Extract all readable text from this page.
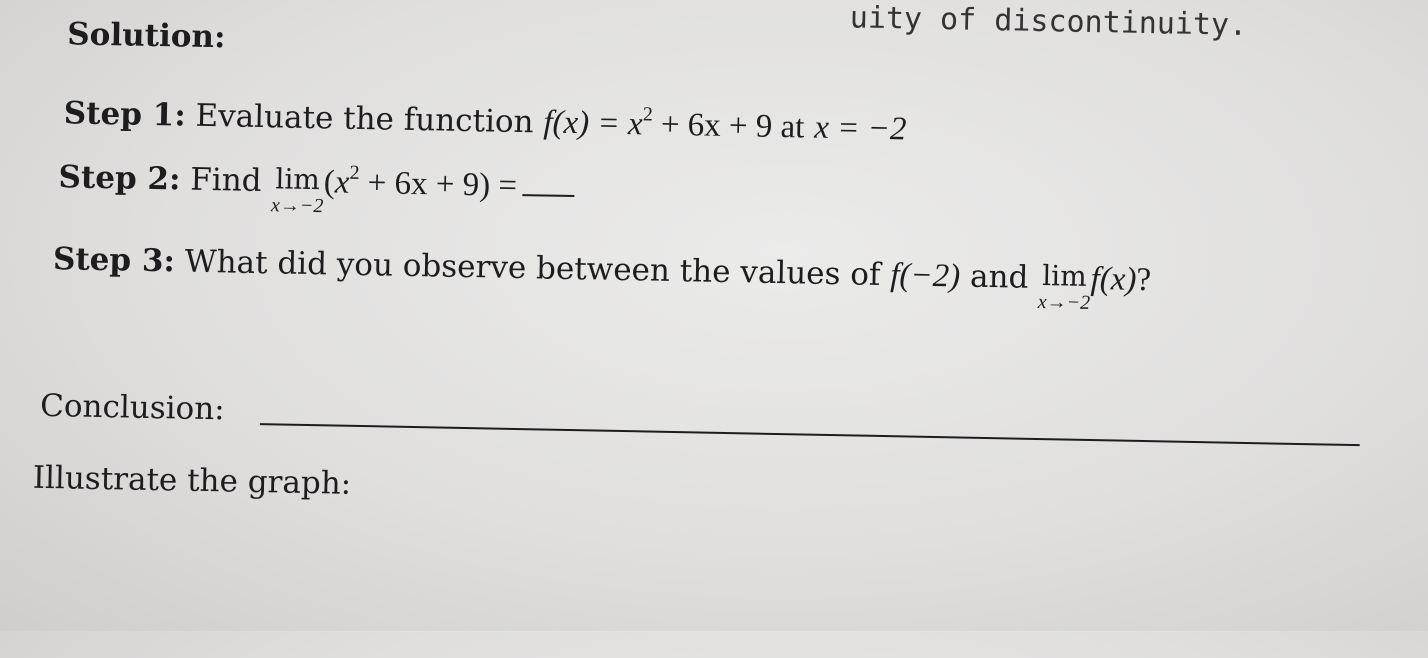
uity of discontinuity.
Solution:
Step 1: Evaluate the function $f(x) = x^2 + 6x + 9$ at x = −2
Step 2: Find lim
x→−2
$(x^2 + 6x + 9)$ =
Step 3: What did you observe between the values of f(−2) and lim
x→−2
f(x)?
Conclusion:
Illustrate the graph:
